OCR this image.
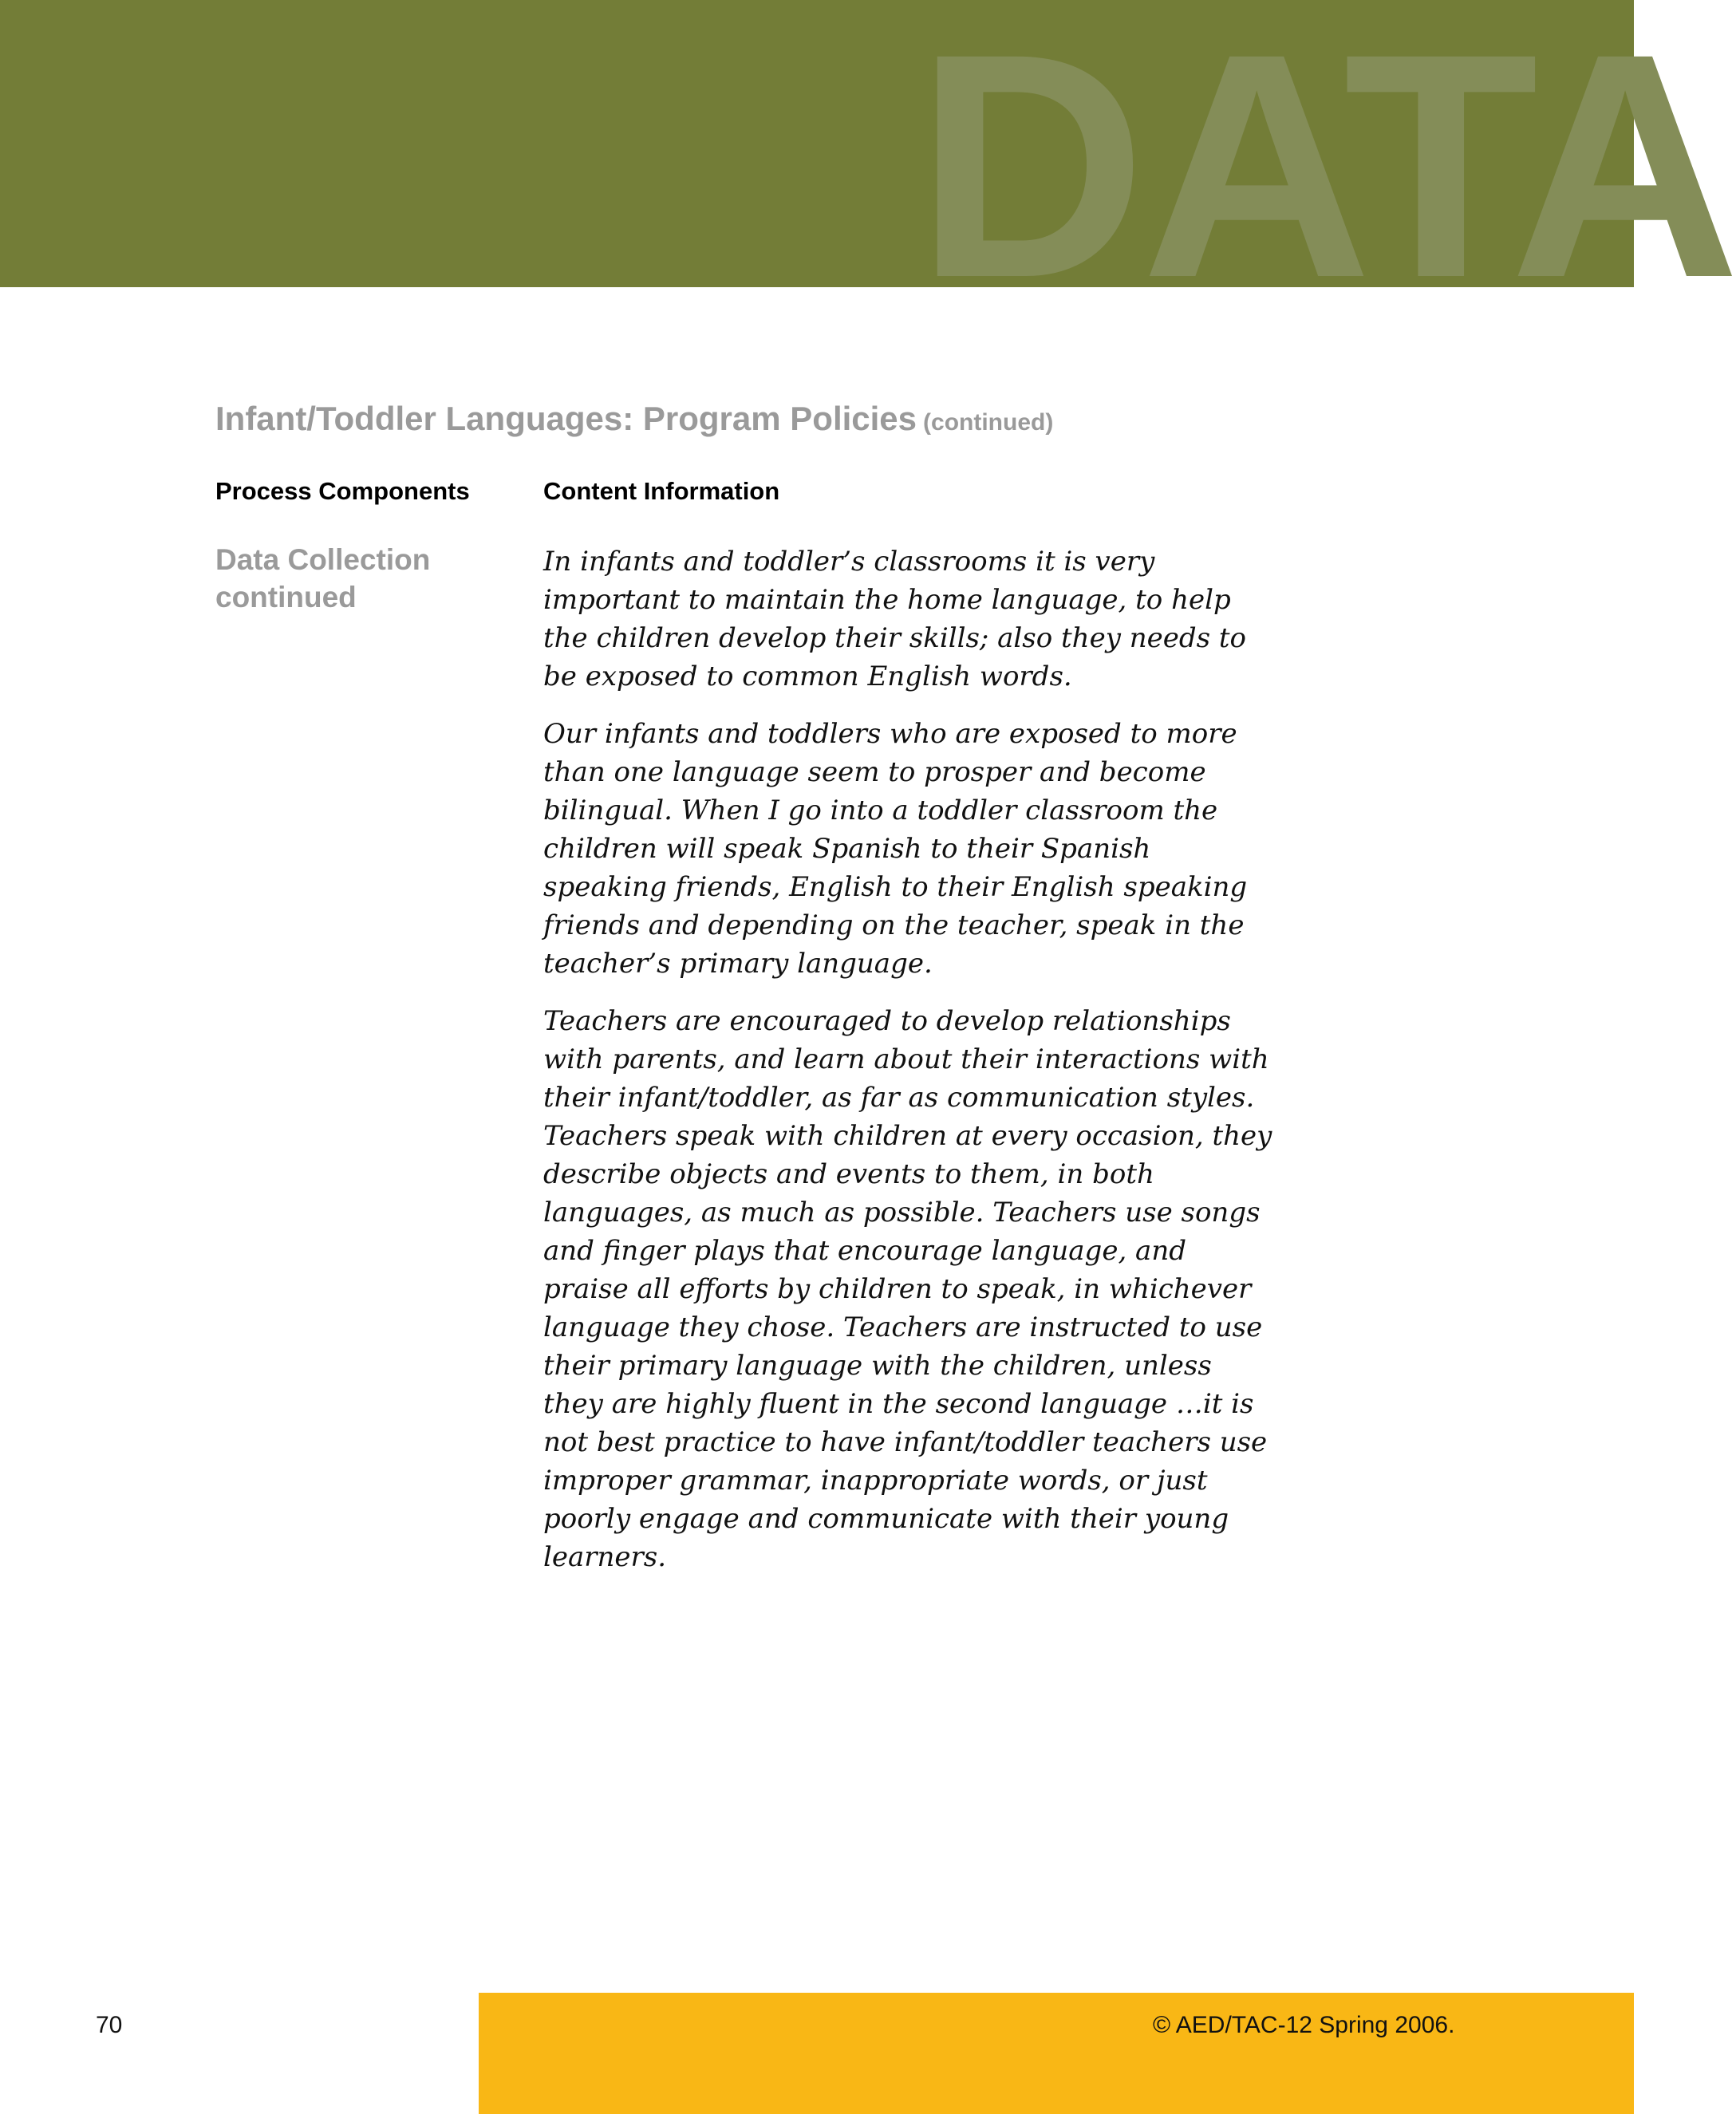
DATA
Infant/Toddler Languages: Program Policies (continued)
Process Components	Content Information
Data Collection
continued

In infants and toddler’s classrooms it is very important to maintain the home language, to help the children develop their skills; also they needs to be exposed to common English words.

Our infants and toddlers who are exposed to more than one language seem to prosper and become bilingual. When I go into a toddler classroom the children will speak Spanish to their Spanish speaking friends, English to their English speaking friends and depending on the teacher, speak in the teacher’s primary language.

Teachers are encouraged to develop relationships with parents, and learn about their interactions with their infant/toddler, as far as communication styles. Teachers speak with children at every occasion, they describe objects and events to them, in both languages, as much as possible. Teachers use songs and finger plays that encourage language, and praise all efforts by children to speak, in whichever language they chose. Teachers are instructed to use their primary language with the children, unless they are highly fluent in the second language …it is not best practice to have infant/toddler teachers use improper grammar, inappropriate words, or just poorly engage and communicate with their young learners.

70	© AED/TAC-12 Spring 2006.
